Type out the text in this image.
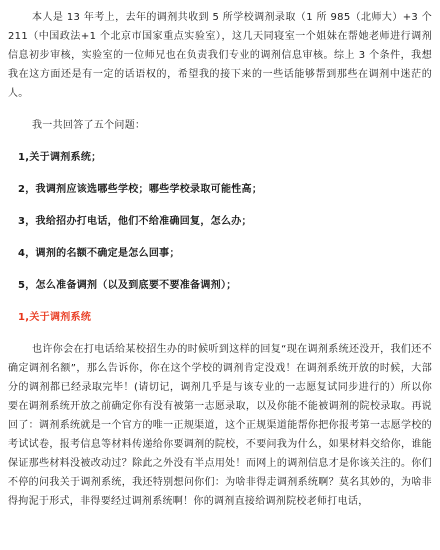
本人是 13 年考上，去年的调剂共收到 5 所学校调剂录取（1 所 985（北师大）+3 个 211（中国政法+1 个北京市国家重点实验室），这几天同寝室一个姐妹在帮她老师进行调剂信息初步审核，实验室的一位师兄也在负责我们专业的调剂信息审核。综上 3 个条件，我想我在这方面还是有一定的话语权的，希望我的接下来的一些话能够帮到那些在调剂中迷茫的人。

我一共回答了五个问题：

1,关于调剂系统；

2，我调剂应该选哪些学校；哪些学校录取可能性高；

3，我给招办打电话，他们不给准确回复，怎么办；

4，调剂的名额不确定是怎么回事；

5，怎么准备调剂（以及到底要不要准备调剂）；

1,关于调剂系统

也许你会在打电话给某校招生办的时候听到这样的回复“现在调剂系统还没开，我们还不确定调剂名额”，那么告诉你，你在这个学校的调剂肯定没戏！在调剂系统开放的时候，大部分的调剂都已经录取完毕！(请切记，调剂几乎是与该专业的一志愿复试同步进行的）所以你要在调剂系统开放之前确定你有没有被第一志愿录取，以及你能不能被调剂的院校录取。再说回了：调剂系统就是一个官方的唯一正规渠道，这个正规渠道能帮你把你报考第一志愿学校的考试试卷，报考信息等材料传递给你要调剂的院校，不要问我为什么，如果材料交给你，谁能保证那些材料没被改动过？除此之外没有半点用处！而网上的调剂信息才是你该关注的。你们不停的问我关于调剂系统，我还特别想问你们：为啥非得走调剂系统啊？莫名其妙的，为啥非得拘泥于形式，非得要经过调剂系统啊！你的调剂直接给调剂院校老师打电话，
